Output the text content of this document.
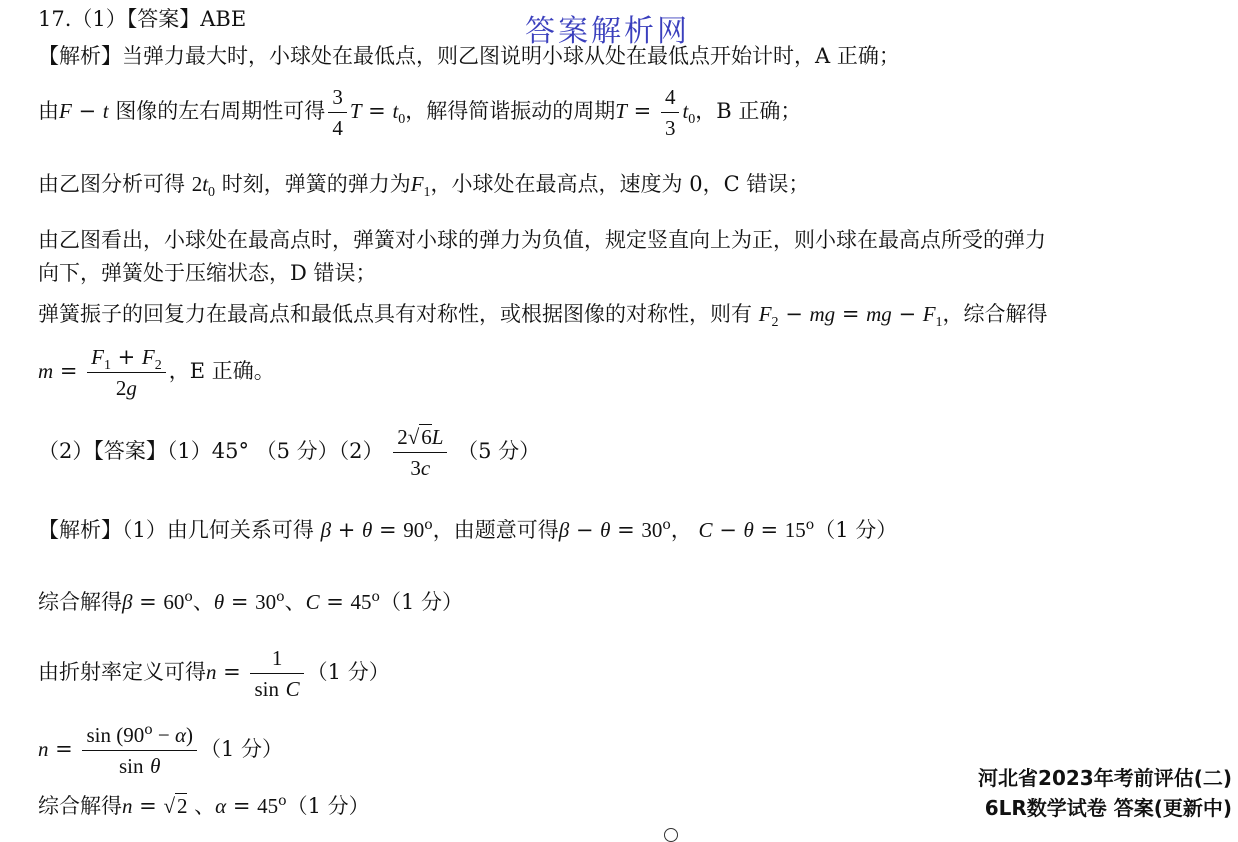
答案解析网
17.（1）【答案】ABE
【解析】当弹力最大时，小球处在最低点，则乙图说明小球从处在最低点开始计时，A 正确；
由F − t 图像的左右周期性可得 $\frac{3}{4}$ $T = t_0$，解得简谐振动的周期$T = \frac{4}{3} t_0$，B 正确；
由乙图分析可得 $2t_0$ 时刻，弹簧的弹力为$F_1$，小球处在最高点，速度为 0，C 错误；
由乙图看出，小球处在最高点时，弹簧对小球的弹力为负值，规定竖直向上为正，则小球在最高点所受的弹力
向下，弹簧处于压缩状态，D 错误；
弹簧振子的回复力在最高点和最低点具有对称性，或根据图像的对称性，则有 $F_2$ − mg = mg − $F_1$，综合解得
$m = \frac{F_1 + F_2}{2g}$ ，E 正确。
（2）【答案】（1）45° （5 分）$(2) \frac{2√6L}{3c} (5$ 分）
【解析】（1）由几何关系可得 $\beta + \theta = 90^o$，由题意可得$\beta - \theta = 30^o$， $C - \theta = 15^o(1$ 分）
综合解得$\beta = 60^o$、$\theta = 30^o$、$C = 45^o(1$ 分）
由折射率定义可得$n = \frac{1}{\text{sin C}} (1$ 分）
$n = \frac{\sin (90^o - \alpha)}{\text{sin θ}} (1$ 分）
综合解得n = √2 、$\alpha = 45^o(1$ 分）
河北省2023年考前评估(二)
6LR数学试卷 答案(更新中)
